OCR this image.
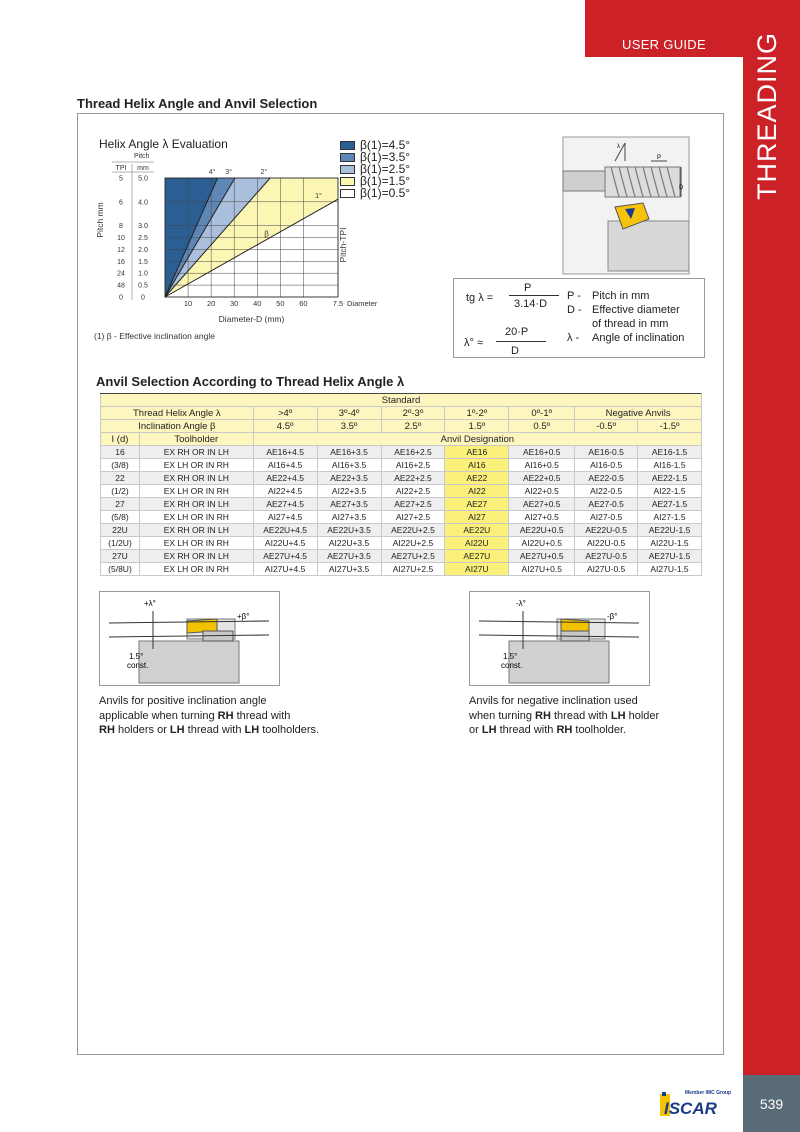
USER GUIDE THREADING
539
Member IMC Group
ISCAR
Thread Helix Angle and Anvil Selection
Helix Angle λ Evaluation
Pitch
TPI mm
5 5.0
6 4.0
8 3.0
10 2.5
12 2.0
16 1.5
24 1.0
48 0.5
0	0
10 20 30 40 50 60	7.5 Diameter
Diameter-D (mm)
Pitch mm
Pitch-TPI
4° 3°	2°
1°
β
(1) β - Effective inclination angle
β(1)=4.5°
β(1)=3.5°
β(1)=2.5°
β(1)=1.5°
β(1)=0.5°
λ
P
D
tg λ =
P
3.14·D
λ° ≈
20·P
D
P -	Pitch in mm
D - Effective diameter
of thread in mm
λ -	Angle of inclination
Anvil Selection According to Thread Helix Angle λ
Standard								
Thread Helix Angle λ		>4º	3º-4º	2º-3º	1º-2º	0º-1º	Negative Anvils	
Inclination Angle β		4.5º	3.5º	2.5º	1.5º	0.5º	-0.5º	-1.5º
I (d)	Toolholder	Anvil Designation						
16	EX RH OR IN LH	AE16+4.5	AE16+3.5	AE16+2.5	AE16	AE16+0.5	AE16-0.5	AE16-1.5
(3/8)	EX LH OR IN RH	AI16+4.5	AI16+3.5	AI16+2.5	AI16	AI16+0.5	AI16-0.5	AI16-1.5
22	EX RH OR IN LH	AE22+4.5	AE22+3.5	AE22+2.5	AE22	AE22+0.5	AE22-0.5	AE22-1.5
(1/2)	EX LH OR IN RH	AI22+4.5	AI22+3.5	AI22+2.5	AI22	AI22+0.5	AI22-0.5	AI22-1.5
27	EX RH OR IN LH	AE27+4.5	AE27+3.5	AE27+2.5	AE27	AE27+0.5	AE27-0.5	AE27-1.5
(5/8)	EX LH OR IN RH	AI27+4.5	AI27+3.5	AI27+2.5	AI27	AI27+0.5	AI27-0.5	AI27-1.5
22U	EX RH OR IN LH	AE22U+4.5	AE22U+3.5	AE22U+2.5	AE22U	AE22U+0.5	AE22U-0.5	AE22U-1.5
(1/2U)	EX LH OR IN RH	AI22U+4.5	AI22U+3.5	AI22U+2.5	AI22U	AI22U+0.5	AI22U-0.5	AI22U-1.5
27U	EX RH OR IN LH	AE27U+4.5	AE27U+3.5	AE27U+2.5	AE27U	AE27U+0.5	AE27U-0.5	AE27U-1.5
(5/8U)	EX LH OR IN RH	AI27U+4.5	AI27U+3.5	AI27U+2.5	AI27U	AI27U+0.5	AI27U-0.5	AI27U-1.5
+λ°
+β°
1.5°
const.
-λ°
-β°
1.5°
const.
Anvils for positive inclination angle
applicable when turning RH thread with
RH holders or LH thread with LH toolholders.
Anvils for negative inclination used
when turning RH thread with LH holder
or LH thread with RH toolholder.
